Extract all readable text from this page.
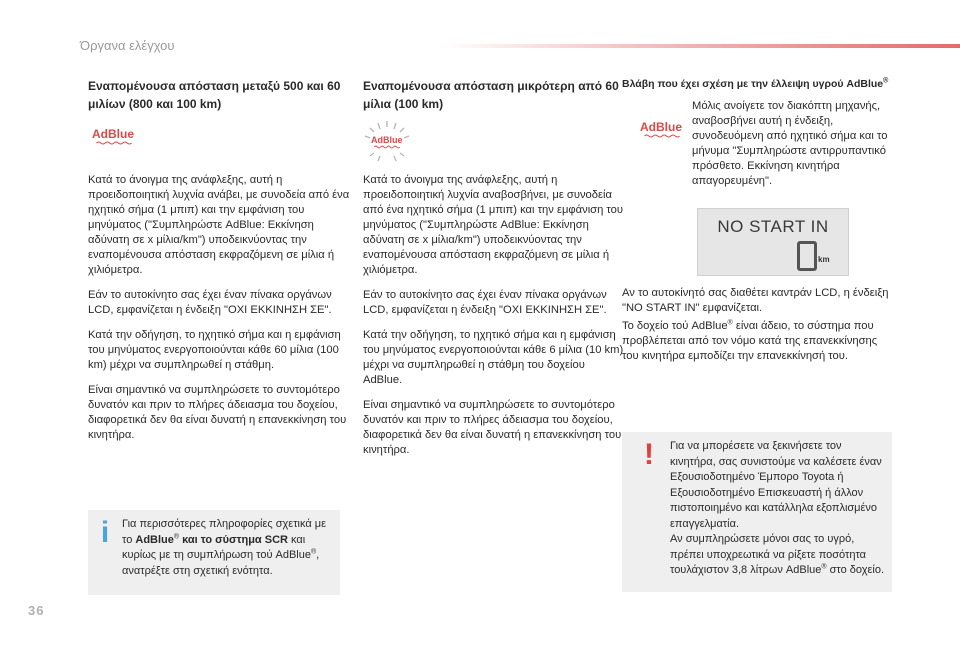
Όργανα ελέγχου
36

Εναπομένουσα απόσταση μεταξύ 500 και 60 μιλίων (800 και 100 km)

AdBlue

Κατά το άνοιγμα της ανάφλεξης, αυτή η προειδοποιητική λυχνία ανάβει, με συνοδεία από ένα ηχητικό σήμα (1 μπιπ) και την εμφάνιση του μηνύματος ("Συμπληρώστε AdBlue: Εκκίνηση αδύνατη σε x μίλια/km") υποδεικνύοντας την εναπομένουσα απόσταση εκφραζόμενη σε μίλια ή χιλιόμετρα.

Εάν το αυτοκίνητο σας έχει έναν πίνακα οργάνων LCD, εμφανίζεται η ένδειξη "ΟΧΙ ΕΚΚΙΝΗΣΗ ΣΕ".

Κατά την οδήγηση, το ηχητικό σήμα και η εμφάνιση του μηνύματος ενεργοποιούνται κάθε 60 μίλια (100 km) μέχρι να συμπληρωθεί η στάθμη.

Είναι σημαντικό να συμπληρώσετε το συντομότερο δυνατόν και πριν το πλήρες άδειασμα του δοχείου, διαφορετικά δεν θα είναι δυνατή η επανεκκίνηση του κινητήρα.

Εναπομένουσα απόσταση μικρότερη από 60 μίλια (100 km)

AdBlue

Κατά το άνοιγμα της ανάφλεξης, αυτή η προειδοποιητική λυχνία αναβοσβήνει, με συνοδεία από ένα ηχητικό σήμα (1 μπιπ) και την εμφάνιση του μηνύματος ("Συμπληρώστε AdBlue: Εκκίνηση αδύνατη σε x μίλια/km") υποδεικνύοντας την εναπομένουσα απόσταση εκφραζόμενη σε μίλια ή χιλιόμετρα.

Εάν το αυτοκίνητο σας έχει έναν πίνακα οργάνων LCD, εμφανίζεται η ένδειξη "ΟΧΙ ΕΚΚΙΝΗΣΗ ΣΕ".

Κατά την οδήγηση, το ηχητικό σήμα και η εμφάνιση του μηνύματος ενεργοποιούνται κάθε 6 μίλια (10 km) μέχρι να συμπληρωθεί η στάθμη του δοχείου AdBlue.

Είναι σημαντικό να συμπληρώσετε το συντομότερο δυνατόν και πριν το πλήρες άδειασμα του δοχείου, διαφορετικά δεν θα είναι δυνατή η επανεκκίνηση του κινητήρα.

Βλάβη που έχει σχέση με την έλλειψη υγρού AdBlue®

AdBlue

Μόλις ανοίγετε τον διακόπτη μηχανής, αναβοσβήνει αυτή η ένδειξη, συνοδευόμενη από ηχητικό σήμα και το μήνυμα "Συμπληρώστε αντιρρυπαντικό πρόσθετο. Εκκίνηση κινητήρα απαγορευμένη".

NO START IN
km

Αν το αυτοκίνητό σας διαθέτει καντράν LCD, η ένδειξη "NO START IN" εμφανίζεται.

Το δοχείο τού AdBlue® είναι άδειο, το σύστημα που προβλέπεται από τον νόμο κατά της επανεκκίνησης του κινητήρα εμποδίζει την επανεκκίνησή του.

i	Για περισσότερες πληροφορίες σχετικά με το AdBlue® και το σύστημα SCR και κυρίως με τη συμπλήρωση τού AdBlue®, ανατρέξτε στη σχετική ενότητα.
!	Για να μπορέσετε να ξεκινήσετε τον κινητήρα, σας συνιστούμε να καλέσετε έναν Εξουσιοδοτημένο Έμπορο Toyota ή Εξουσιοδοτημένο Επισκευαστή ή άλλον πιστοποιημένο και κατάλληλα εξοπλισμένο επαγγελματία.
Αν συμπληρώσετε μόνοι σας το υγρό, πρέπει υποχρεωτικά να ρίξετε ποσότητα τουλάχιστον 3,8 λίτρων AdBlue® στο δοχείο.
